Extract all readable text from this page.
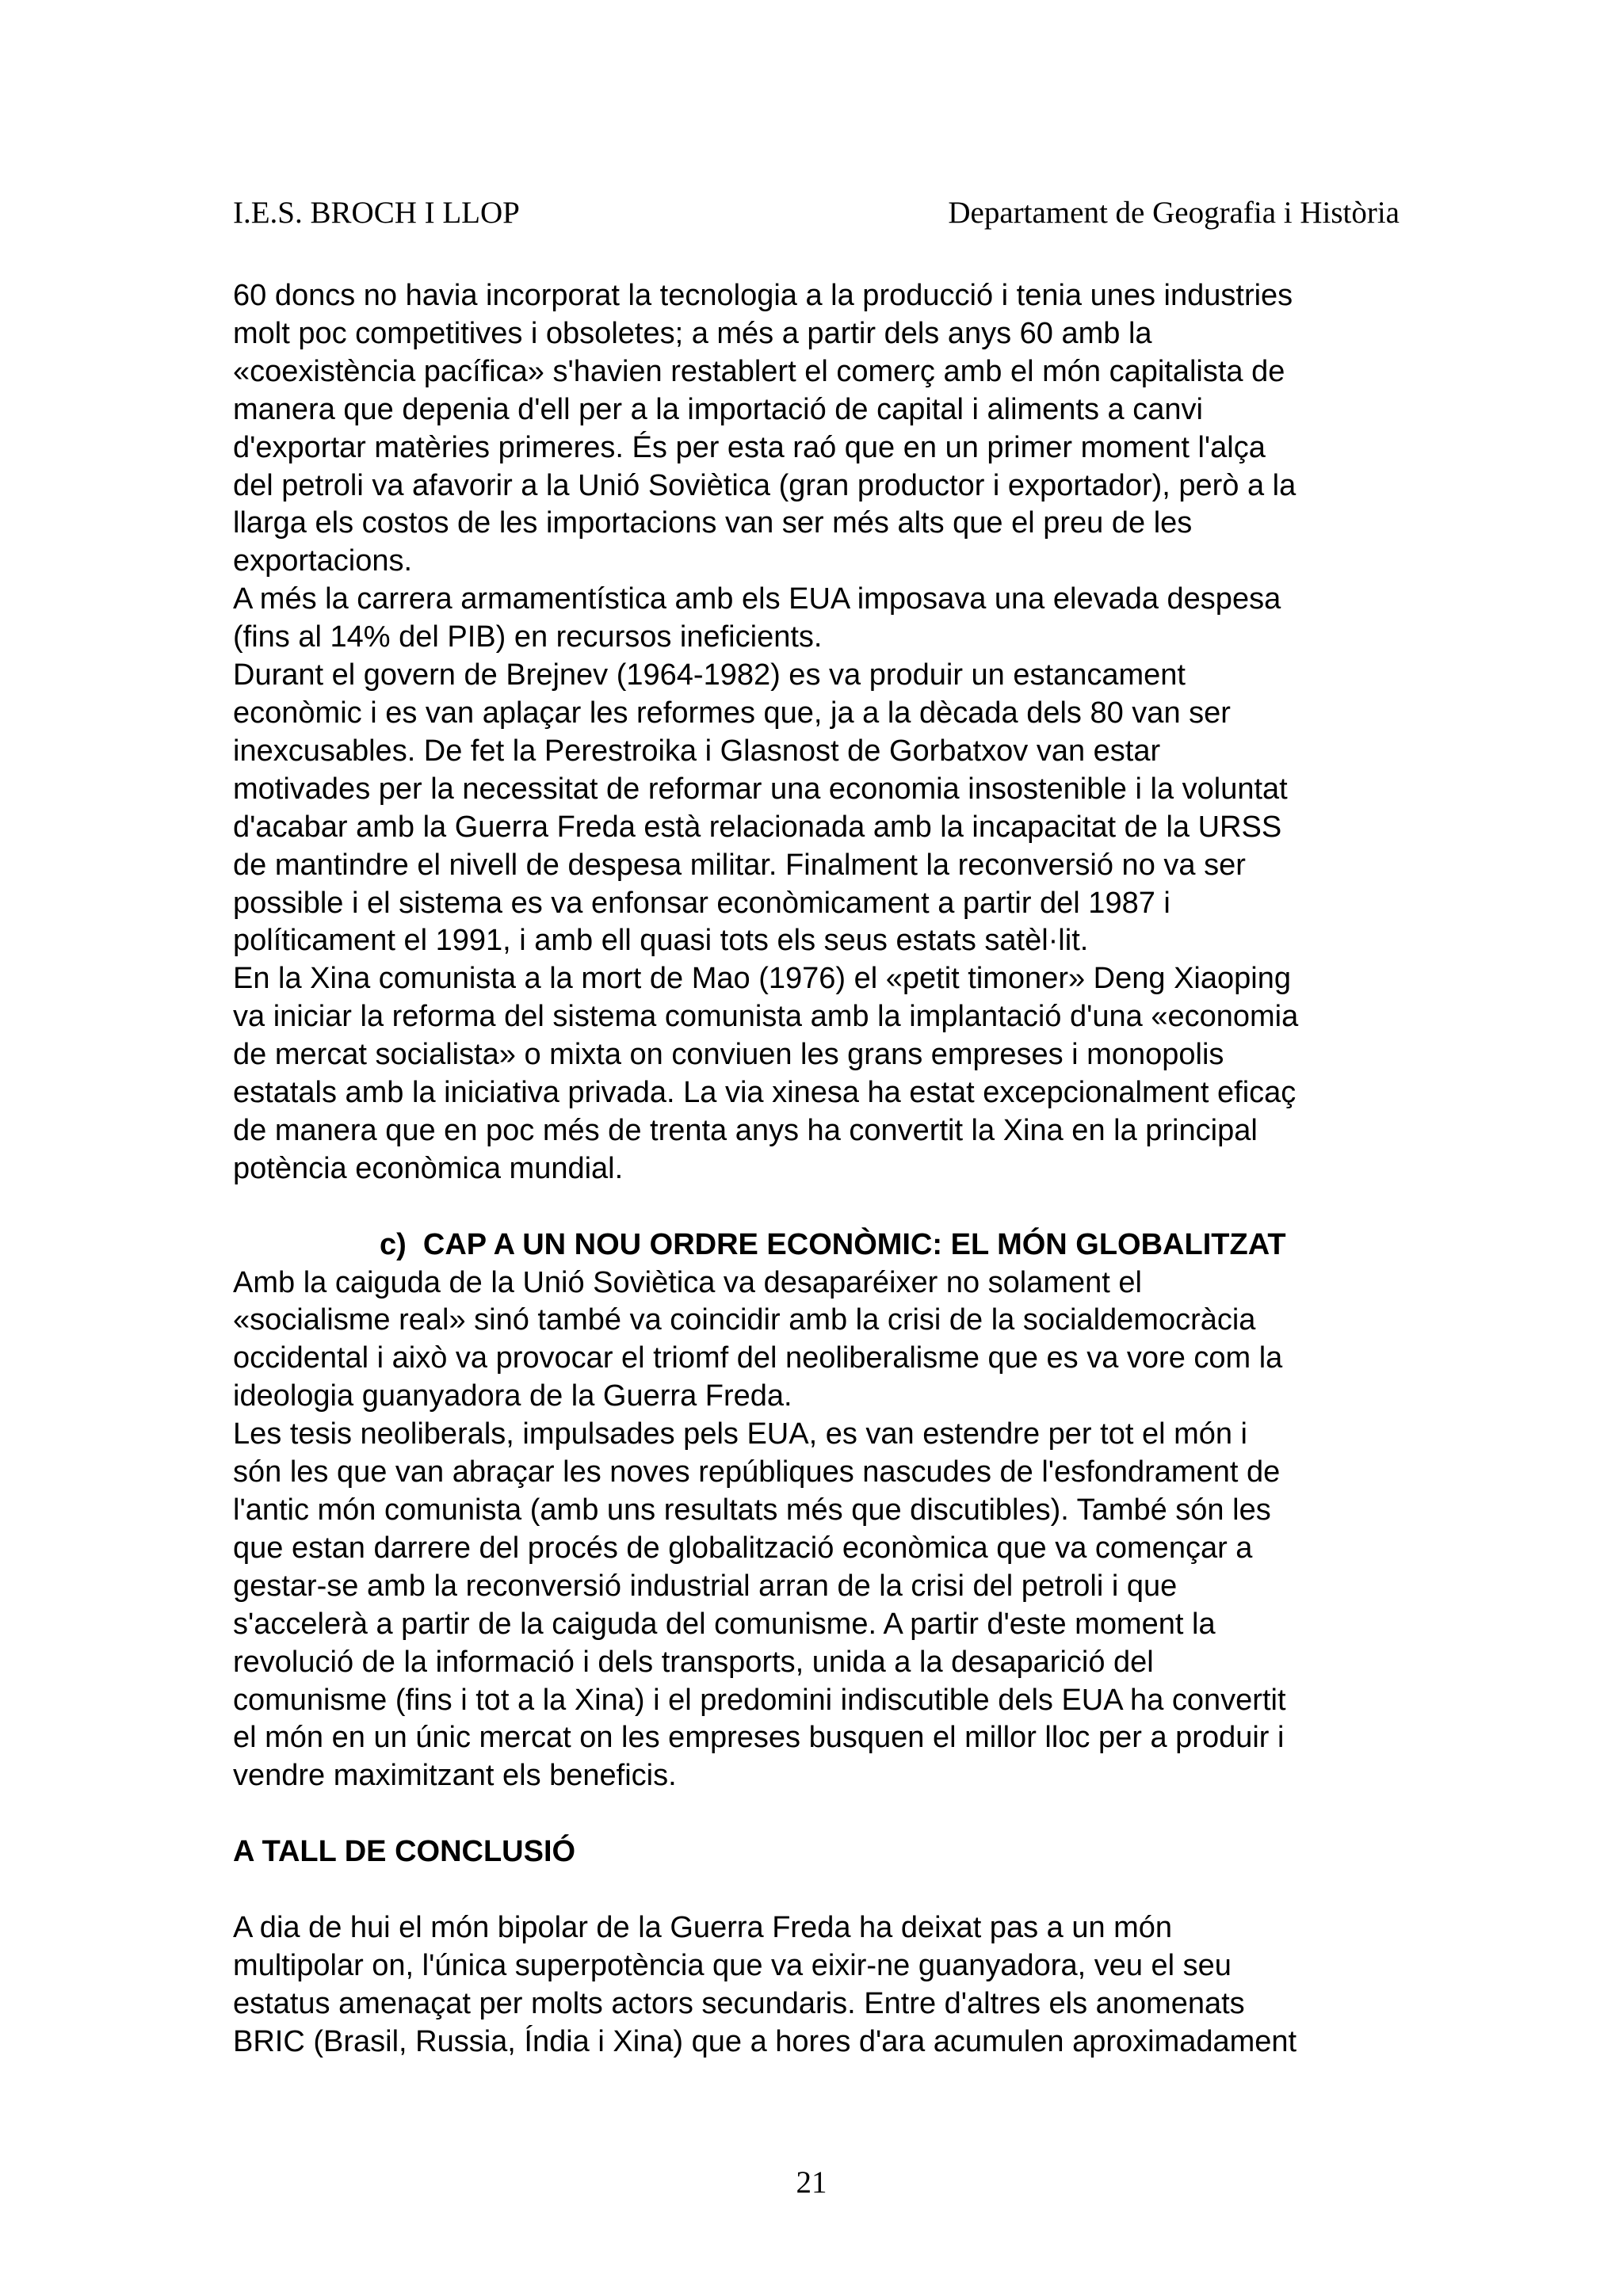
I.E.S. BROCH I LLOP	Departament de Geografia i Història
60 doncs no havia incorporat la tecnologia a la producció i tenia unes industries
molt poc competitives i obsoletes; a més a partir dels anys 60 amb la
«coexistència pacífica» s'havien restablert el comerç amb el món capitalista de
manera que depenia d'ell per a la importació de capital i aliments a canvi
d'exportar matèries primeres. És per esta raó que en un primer moment l'alça
del petroli va afavorir a la Unió Soviètica (gran productor i exportador), però a la
llarga els costos de les importacions van ser més alts que el preu de les
exportacions.
A més la carrera armamentística amb els EUA imposava una elevada despesa
(fins al 14% del PIB) en recursos ineficients.
Durant el govern de Brejnev (1964-1982) es va produir un estancament
econòmic i es van aplaçar les reformes que, ja a la dècada dels 80 van ser
inexcusables. De fet la Perestroika i Glasnost de Gorbatxov van estar
motivades per la necessitat de reformar una economia insostenible i la voluntat
d'acabar amb la Guerra Freda està relacionada amb la incapacitat de la URSS
de mantindre el nivell de despesa militar. Finalment la reconversió no va ser
possible i el sistema es va enfonsar econòmicament a partir del 1987 i
políticament el 1991, i amb ell quasi tots els seus estats satèl·lit.
En la Xina comunista a la mort de Mao (1976) el «petit timoner» Deng Xiaoping
va iniciar la reforma del sistema comunista amb la implantació d'una «economia
de mercat socialista» o mixta on conviuen les grans empreses i monopolis
estatals amb la iniciativa privada. La via xinesa ha estat excepcionalment eficaç
de manera que en poc més de trenta anys ha convertit la Xina en la principal
potència econòmica mundial.
c) CAP A UN NOU ORDRE ECONÒMIC: EL MÓN GLOBALITZAT
Amb la caiguda de la Unió Soviètica va desaparéixer no solament el
«socialisme real» sinó també va coincidir amb la crisi de la socialdemocràcia
occidental i això va provocar el triomf del neoliberalisme que es va vore com la
ideologia guanyadora de la Guerra Freda.
Les tesis neoliberals, impulsades pels EUA, es van estendre per tot el món i
són les que van abraçar les noves repúbliques nascudes de l'esfondrament de
l'antic món comunista (amb uns resultats més que discutibles). També són les
que estan darrere del procés de globalització econòmica que va començar a
gestar-se amb la reconversió industrial arran de la crisi del petroli i que
s'accelerà a partir de la caiguda del comunisme. A partir d'este moment la
revolució de la informació i dels transports, unida a la desaparició del
comunisme (fins i tot a la Xina) i el predomini indiscutible dels EUA ha convertit
el món en un únic mercat on les empreses busquen el millor lloc per a produir i
vendre maximitzant els beneficis.
A TALL DE CONCLUSIÓ
A dia de hui el món bipolar de la Guerra Freda ha deixat pas a un món
multipolar on, l'única superpotència que va eixir-ne guanyadora, veu el seu
estatus amenaçat per molts actors secundaris. Entre d'altres els anomenats
BRIC (Brasil, Russia, Índia i Xina) que a hores d'ara acumulen aproximadament
21
